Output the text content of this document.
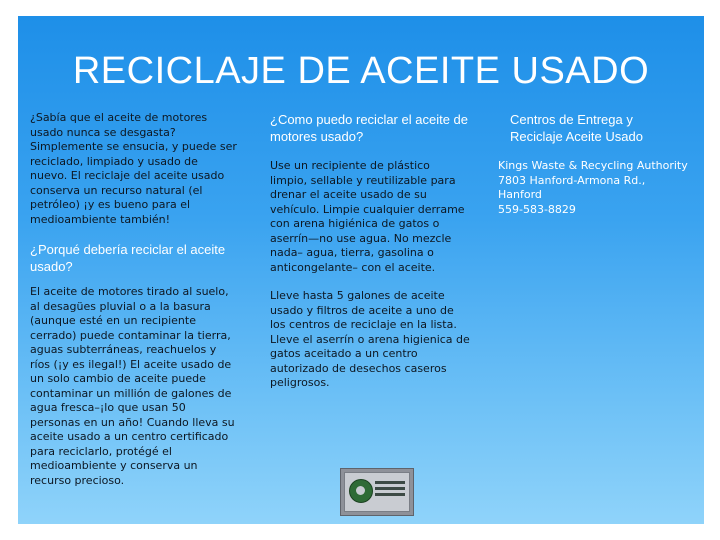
RECICLAJE DE ACEITE USADO
¿Sabía que el aceite de motores usado nunca se desgasta? Simplemente se ensucia, y puede ser reciclado, limpiado y usado de nuevo. El reciclaje del aceite usado conserva un recurso natural (el petróleo) ¡y es bueno para el medioambiente también!
¿Porqué debería reciclar el aceite usado?
El aceite de motores tirado al suelo, al desagües pluvial o a la basura (aunque esté en un recipiente cerrado) puede contaminar la tierra, aguas subterráneas, reachuelos y ríos (¡y es ilegal!) El aceite usado de un solo cambio de aceite puede contaminar un millión de galones de agua fresca–¡lo que usan 50 personas en un año! Cuando lleva su aceite usado a un centro certificado para reciclarlo, protégé el medioambiente y conserva un recurso precioso.
¿Como puedo reciclar el aceite de motores usado?
Use un recipiente de plástico limpio, sellable y reutilizable para drenar el aceite usado de su vehículo. Limpie cualquier derrame con arena higiénica de gatos o aserrín—no use agua. No mezcle nada– agua, tierra, gasolina o anticongelante– con el aceite.
Lleve hasta 5 galones de aceite usado y filtros de aceite a uno de los centros de reciclaje en la lista. Lleve el aserrín o arena higienica de gatos aceitado a un centro autorizado de desechos caseros peligrosos.
Centros de Entrega y Reciclaje Aceite Usado
Kings Waste & Recycling Authority
7803 Hanford-Armona Rd., Hanford
559-583-8829
